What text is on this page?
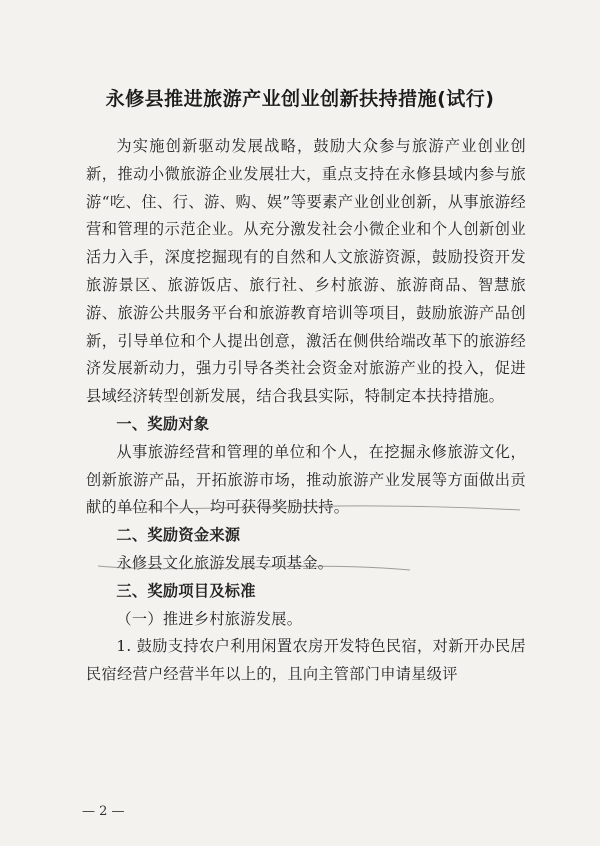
永修县推进旅游产业创业创新扶持措施(试行)

为实施创新驱动发展战略，鼓励大众参与旅游产业创业创新，推动小微旅游企业发展壮大，重点支持在永修县域内参与旅游“吃、住、行、游、购、娱”等要素产业创业创新，从事旅游经营和管理的示范企业。从充分激发社会小微企业和个人创新创业活力入手，深度挖掘现有的自然和人文旅游资源，鼓励投资开发旅游景区、旅游饭店、旅行社、乡村旅游、旅游商品、智慧旅游、旅游公共服务平台和旅游教育培训等项目，鼓励旅游产品创新，引导单位和个人提出创意，激活在侧供给端改革下的旅游经济发展新动力，强力引导各类社会资金对旅游产业的投入，促进县域经济转型创新发展，结合我县实际，特制定本扶持措施。

一、奖励对象

从事旅游经营和管理的单位和个人，在挖掘永修旅游文化，创新旅游产品，开拓旅游市场，推动旅游产业发展等方面做出贡献的单位和个人，均可获得奖励扶持。

二、奖励资金来源

永修县文化旅游发展专项基金。

三、奖励项目及标准

（一）推进乡村旅游发展。

1. 鼓励支持农户利用闲置农房开发特色民宿，对新开办民居民宿经营户经营半年以上的，且向主管部门申请星级评

— 2 —
